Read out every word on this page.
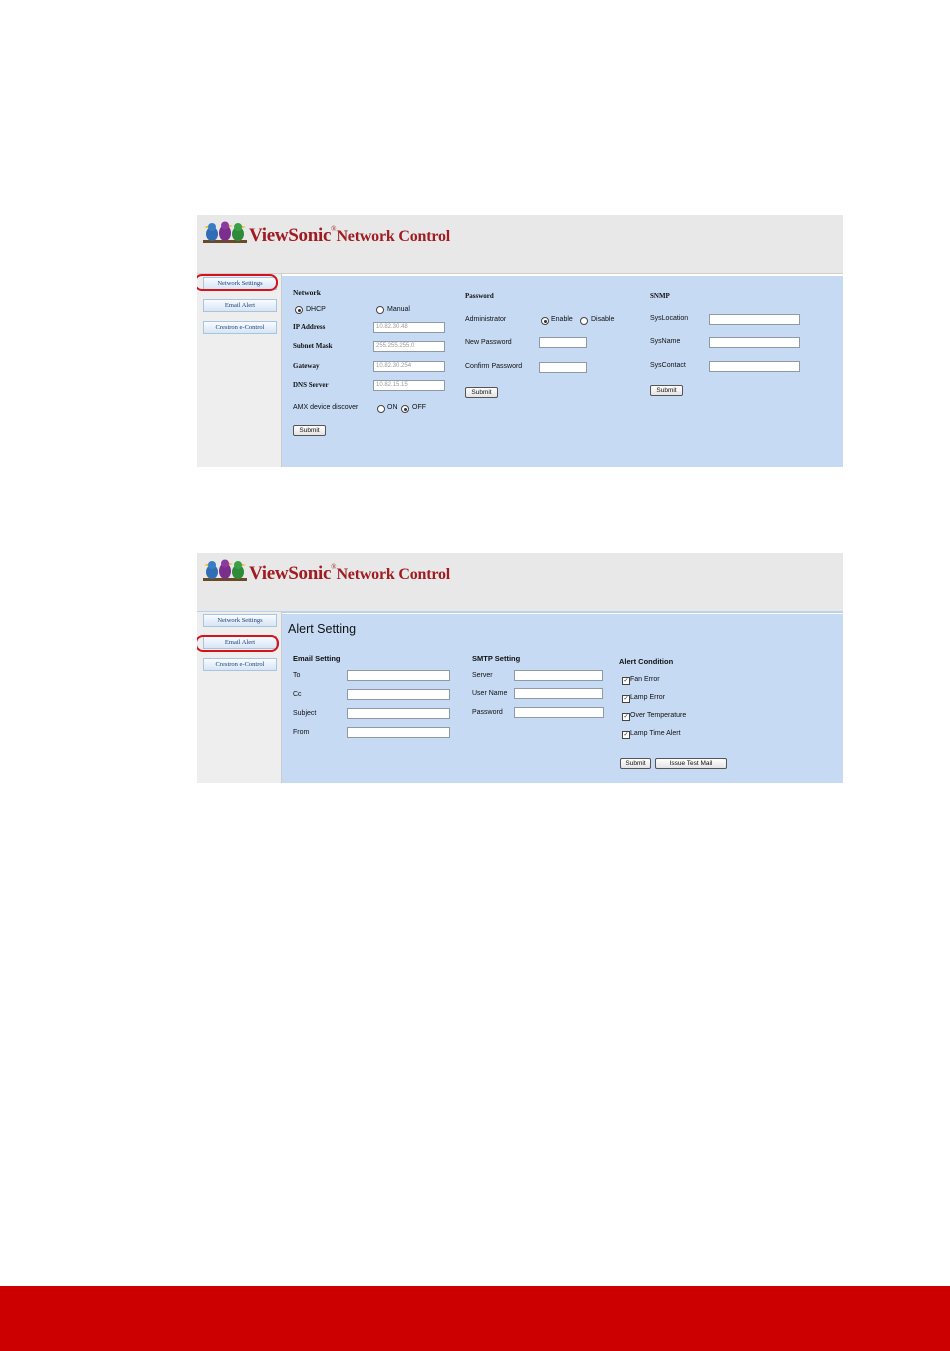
ViewSonic®Network Control
Network Settings
Email Alert
Crestron e-Control
Network
DHCP	Manual
IP Address	10.82.30.48
Subnet Mask	255.255.255.0
Gateway	10.82.30.254
DNS Server	10.82.15.15
AMX device discover	ON OFF
Submit
Password
Administrator	Enable	Disable
New Password
Confirm Password
Submit
SNMP
SysLocation
SysName
SysContact
Submit
ViewSonic®Network Control
Network Settings
Email Alert
Crestron e-Control
Alert Setting
Email Setting
To
Cc
Subject
From
SMTP Setting
Server
User Name
Password
Alert Condition
✓ Fan Error
✓ Lamp Error
✓ Over Temperature
✓ Lamp Time Alert
Submit	Issue Test Mail
